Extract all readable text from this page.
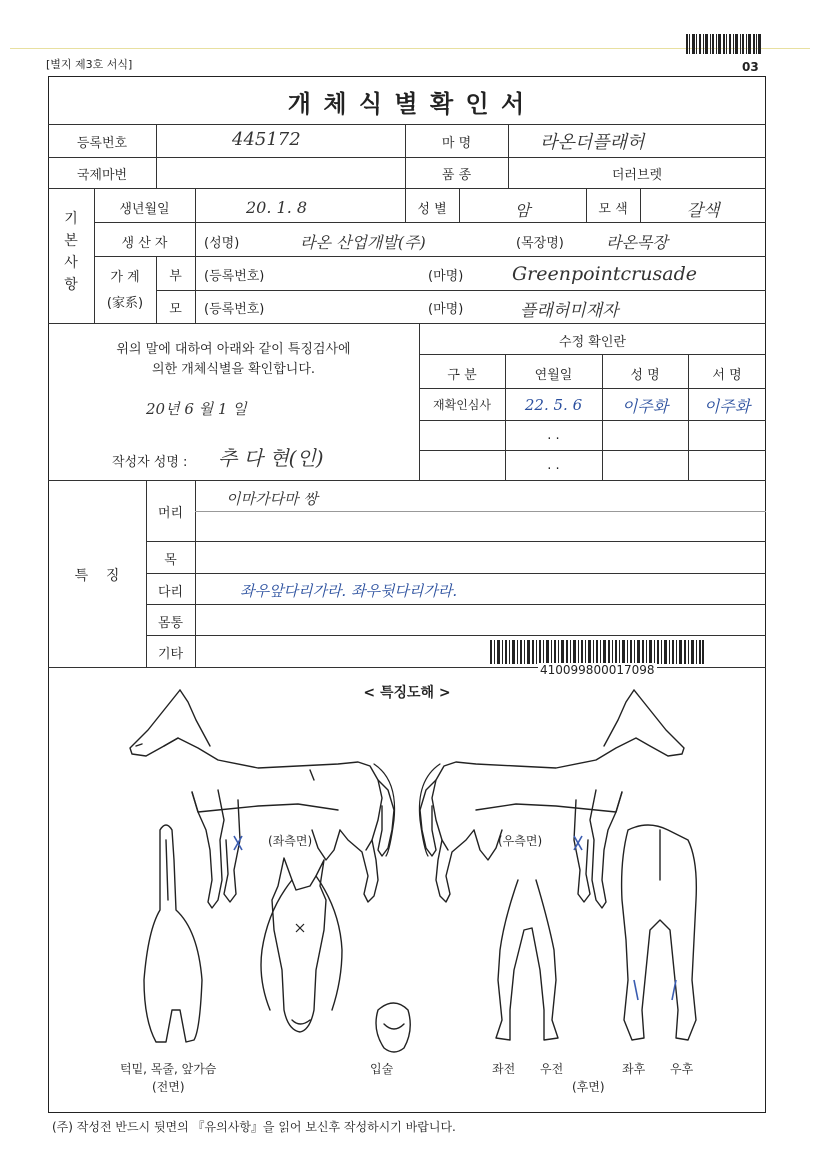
03
[별지 제3호 서식]
개 체 식 별 확 인 서
등록번호	445172	마 명	라온더플래허
국제마번	품 종	더러브렛
기
본
사
항
생년월일	20. 1. 8	성 별	암	모 색	갈색
생 산 자	(성명)	라온 산업개발(주)	(목장명)	라온목장
가 계
(家系)
부	(등록번호)	(마명)	Greenpointcrusade
모	(등록번호)	(마명)	플래허미재자
위의 말에 대하여 아래와 같이 특징검사에
의한 개체식별을 확인합니다.
20년 6 월 1 일
작성자 성명 : 추 다 현(인)
수정 확인란
구 분	연월일	성 명	서 명
재확인심사	22. 5. 6	이주화	이주화
. .
. .
특    징
머리
이마가다마 쌍
목
다리	좌우앞다리가라. 좌우뒷다리가라.
몸통
기타
410099800017098
< 특징도해 >
(좌측면)	(우측면)
턱밑, 목줄, 앞가슴
(전면)
입술	좌전 우전	좌후 우후
(후면)
(주) 작성전 반드시 뒷면의 『유의사항』을 읽어 보신후 작성하시기 바랍니다.
